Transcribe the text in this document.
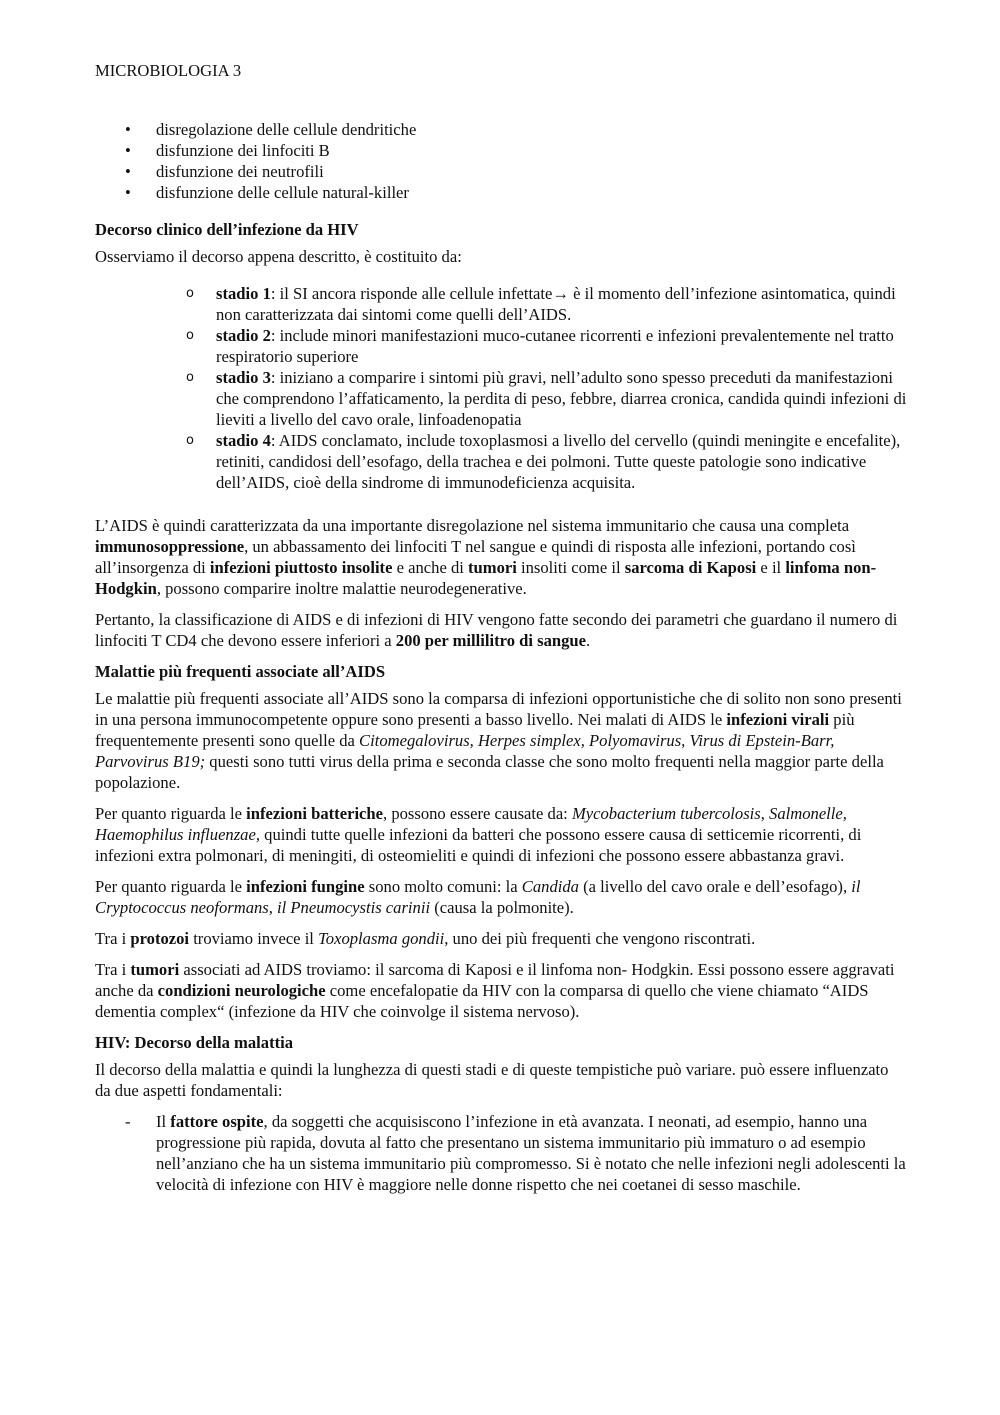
MICROBIOLOGIA 3

• disregolazione delle cellule dendritiche
• disfunzione dei linfociti B
• disfunzione dei neutrofili
• disfunzione delle cellule natural-killer
Decorso clinico dell’infezione da HIV

Osserviamo il decorso appena descritto, è costituito da:

o stadio 1: il SI ancora risponde alle cellule infettate→ è il momento dell’infezione asintomatica, quindi non caratterizzata dai sintomi come quelli dell’AIDS.
o stadio 2: include minori manifestazioni muco-cutanee ricorrenti e infezioni prevalentemente nel tratto respiratorio superiore
o stadio 3: iniziano a comparire i sintomi più gravi, nell’adulto sono spesso preceduti da manifestazioni che comprendono l’affaticamento, la perdita di peso, febbre, diarrea cronica, candida quindi infezioni di lieviti a livello del cavo orale, linfoadenopatia
o stadio 4: AIDS conclamato, include toxoplasmosi a livello del cervello (quindi meningite e encefalite), retiniti, candidosi dell’esofago, della trachea e dei polmoni. Tutte queste patologie sono indicative dell’AIDS, cioè della sindrome di immunodeficienza acquisita.

L’AIDS è quindi caratterizzata da una importante disregolazione nel sistema immunitario che causa una completa immunosoppressione, un abbassamento dei linfociti T nel sangue e quindi di risposta alle infezioni, portando così all’insorgenza di infezioni piuttosto insolite e anche di tumori insoliti come il sarcoma di Kaposi e il linfoma non-Hodgkin, possono comparire inoltre malattie neurodegenerative.

Pertanto, la classificazione di AIDS e di infezioni di HIV vengono fatte secondo dei parametri che guardano il numero di linfociti T CD4 che devono essere inferiori a 200 per millilitro di sangue.

Malattie più frequenti associate all’AIDS

Le malattie più frequenti associate all’AIDS sono la comparsa di infezioni opportunistiche che di solito non sono presenti in una persona immunocompetente oppure sono presenti a basso livello. Nei malati di AIDS le infezioni virali più frequentemente presenti sono quelle da Citomegalovirus, Herpes simplex, Polyomavirus, Virus di Epstein-Barr, Parvovirus B19; questi sono tutti virus della prima e seconda classe che sono molto frequenti nella maggior parte della popolazione.

Per quanto riguarda le infezioni batteriche, possono essere causate da: Mycobacterium tubercolosis, Salmonelle, Haemophilus influenzae, quindi tutte quelle infezioni da batteri che possono essere causa di setticemie ricorrenti, di infezioni extra polmonari, di meningiti, di osteomieliti e quindi di infezioni che possono essere abbastanza gravi.

Per quanto riguarda le infezioni fungine sono molto comuni: la Candida (a livello del cavo orale e dell’esofago), il Cryptococcus neoformans, il Pneumocystis carinii (causa la polmonite).

Tra i protozoi troviamo invece il Toxoplasma gondii, uno dei più frequenti che vengono riscontrati.

Tra i tumori associati ad AIDS troviamo: il sarcoma di Kaposi e il linfoma non- Hodgkin. Essi possono essere aggravati anche da condizioni neurologiche come encefalopatie da HIV con la comparsa di quello che viene chiamato “AIDS dementia complex“ (infezione da HIV che coinvolge il sistema nervoso).

HIV: Decorso della malattia

Il decorso della malattia e quindi la lunghezza di questi stadi e di queste tempistiche può variare. può essere influenzato da due aspetti fondamentali:

- Il fattore ospite, da soggetti che acquisiscono l’infezione in età avanzata. I neonati, ad esempio, hanno una progressione più rapida, dovuta al fatto che presentano un sistema immunitario più immaturo o ad esempio nell’anziano che ha un sistema immunitario più compromesso. Si è notato che nelle infezioni negli adolescenti la velocità di infezione con HIV è maggiore nelle donne rispetto che nei coetanei di sesso maschile.
